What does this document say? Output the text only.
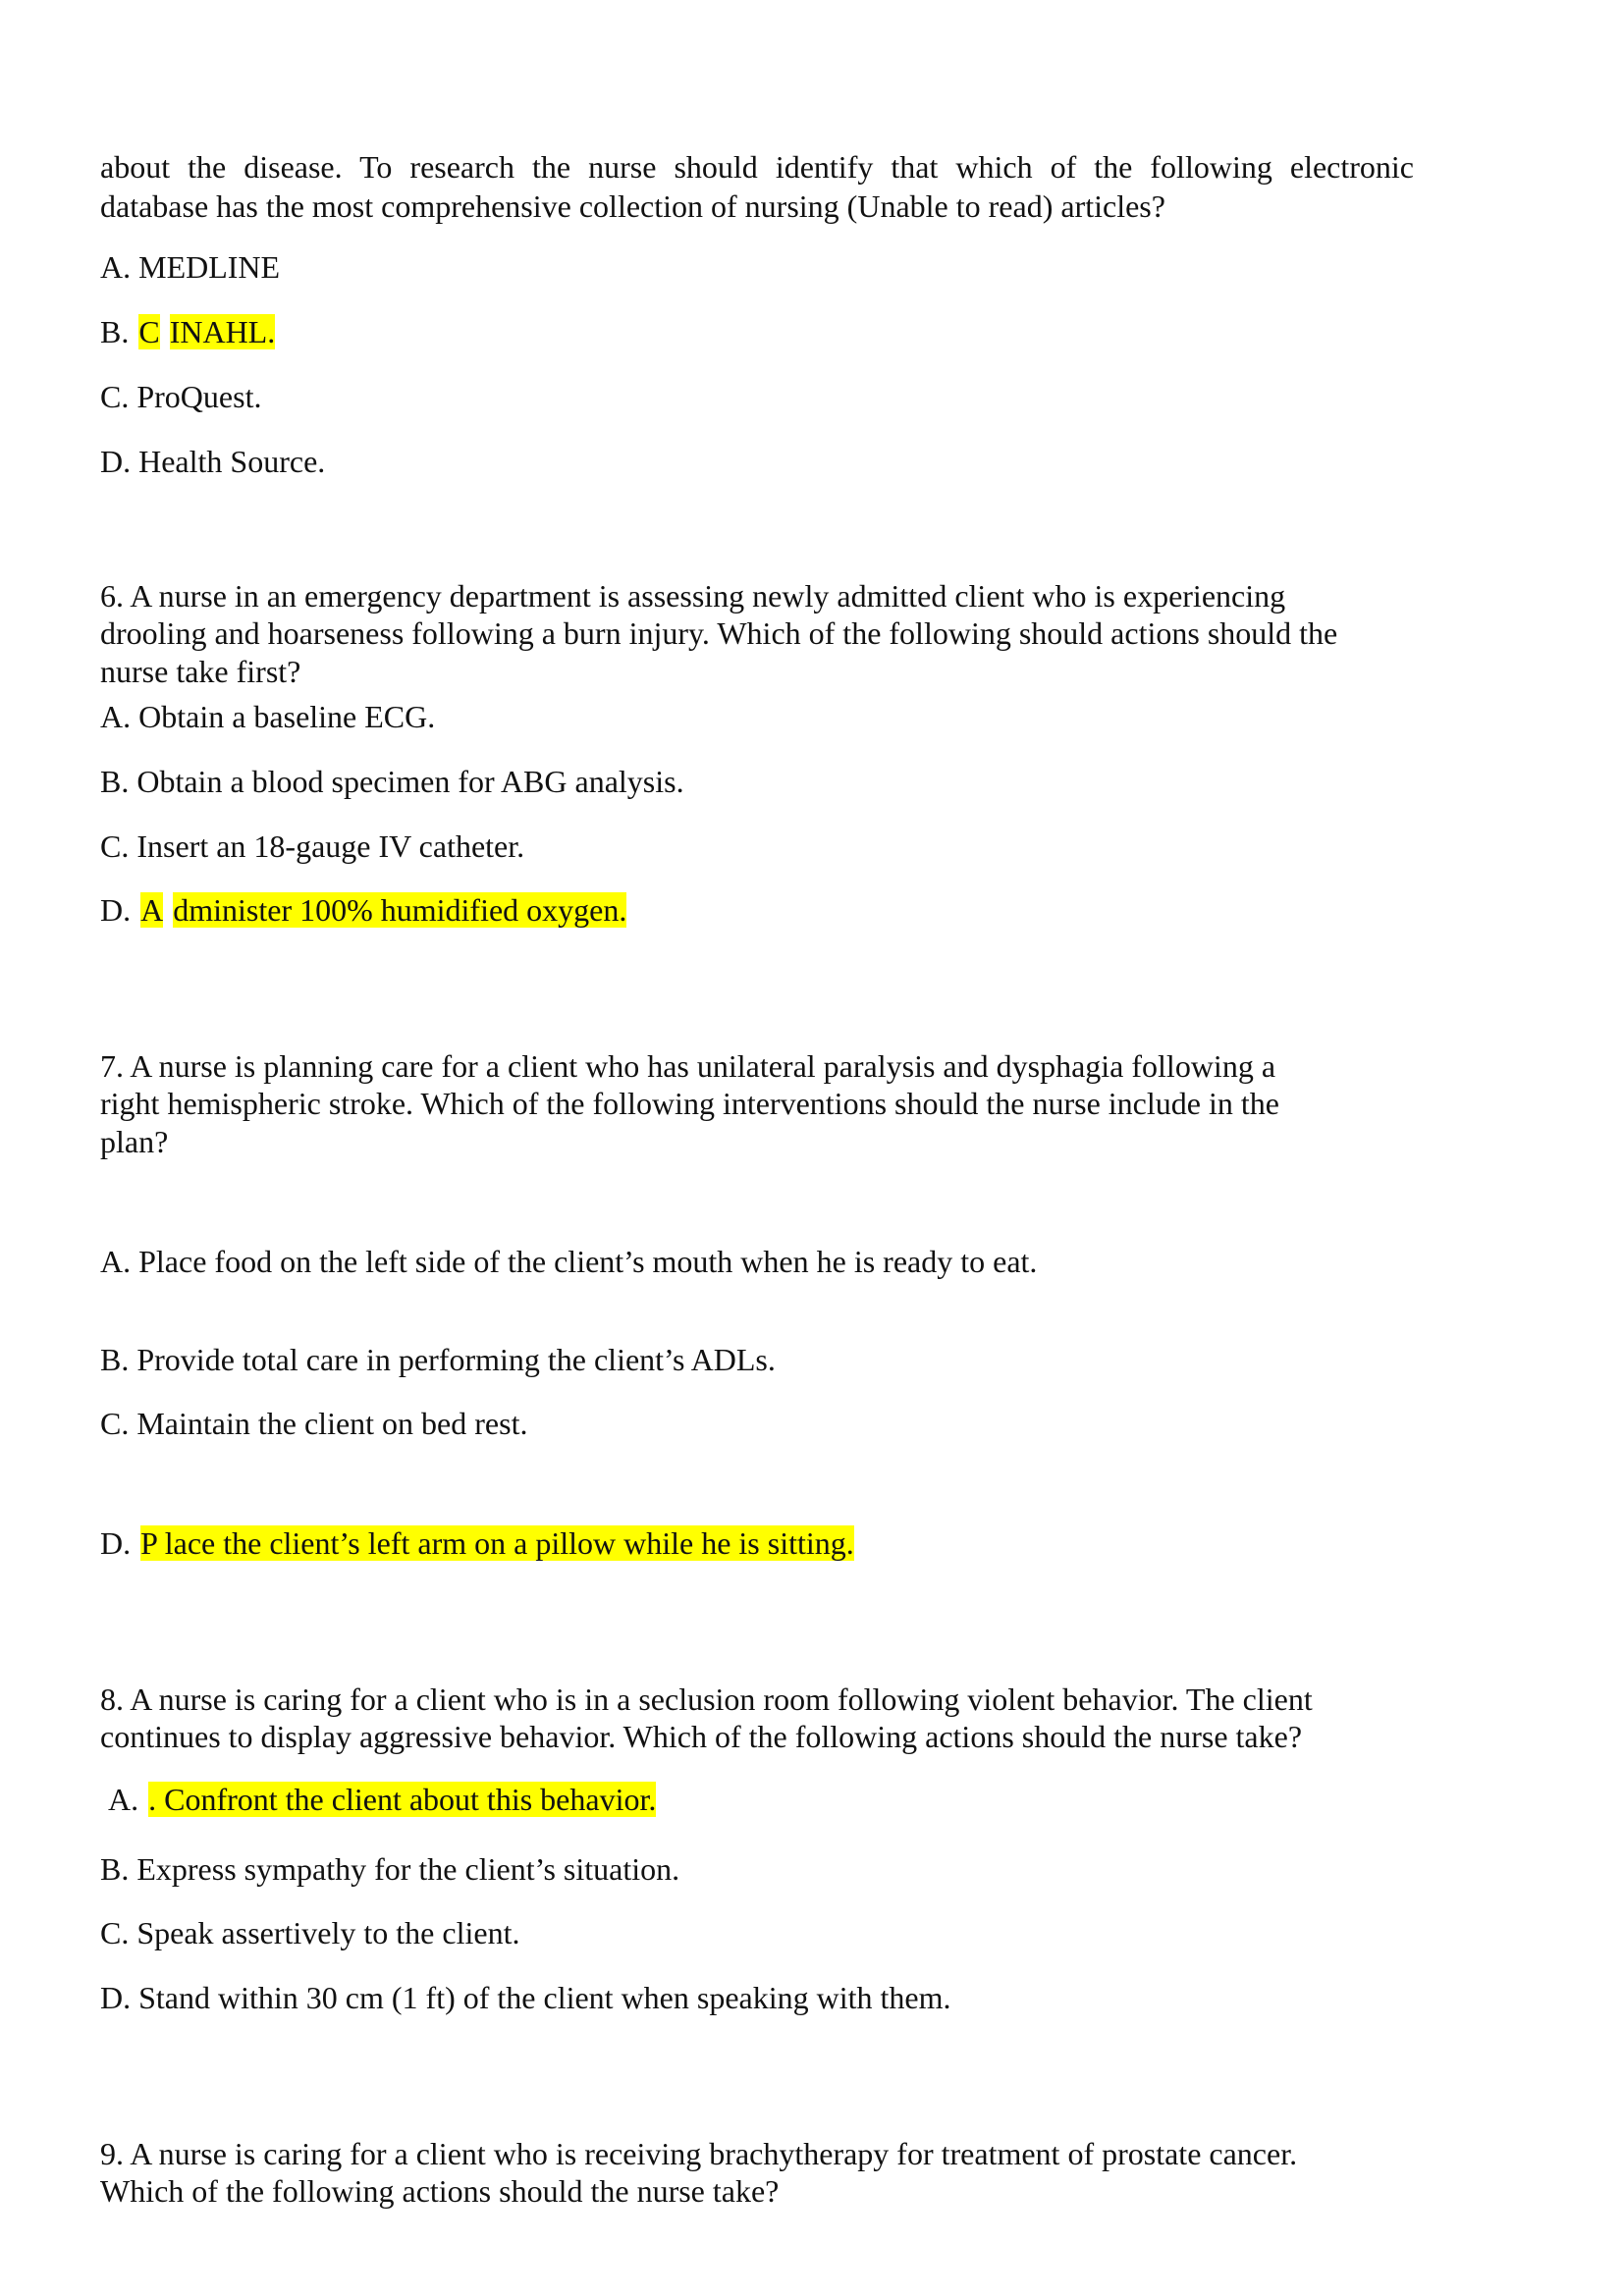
about the disease. To research the nurse should identify that which of the following electronic
database has the most comprehensive collection of nursing (Unable to read) articles?
A. MEDLINE
B. C INAHL.
C. ProQuest.
D. Health Source.
6. A nurse in an emergency department is assessing newly admitted client who is experiencing
drooling and hoarseness following a burn injury. Which of the following should actions should the
nurse take first?
A. Obtain a baseline ECG.
B. Obtain a blood specimen for ABG analysis.
C. Insert an 18-gauge IV catheter.
D. A dminister 100% humidified oxygen.
7. A nurse is planning care for a client who has unilateral paralysis and dysphagia following a
right hemispheric stroke. Which of the following interventions should the nurse include in the
plan?
A. Place food on the left side of the client’s mouth when he is ready to eat.
B. Provide total care in performing the client’s ADLs.
C. Maintain the client on bed rest.
D. P lace the client’s left arm on a pillow while he is sitting.
8. A nurse is caring for a client who is in a seclusion room following violent behavior. The client
continues to display aggressive behavior. Which of the following actions should the nurse take?
A. . Confront the client about this behavior.
B. Express sympathy for the client’s situation.
C. Speak assertively to the client.
D. Stand within 30 cm (1 ft) of the client when speaking with them.
9. A nurse is caring for a client who is receiving brachytherapy for treatment of prostate cancer.
Which of the following actions should the nurse take?
